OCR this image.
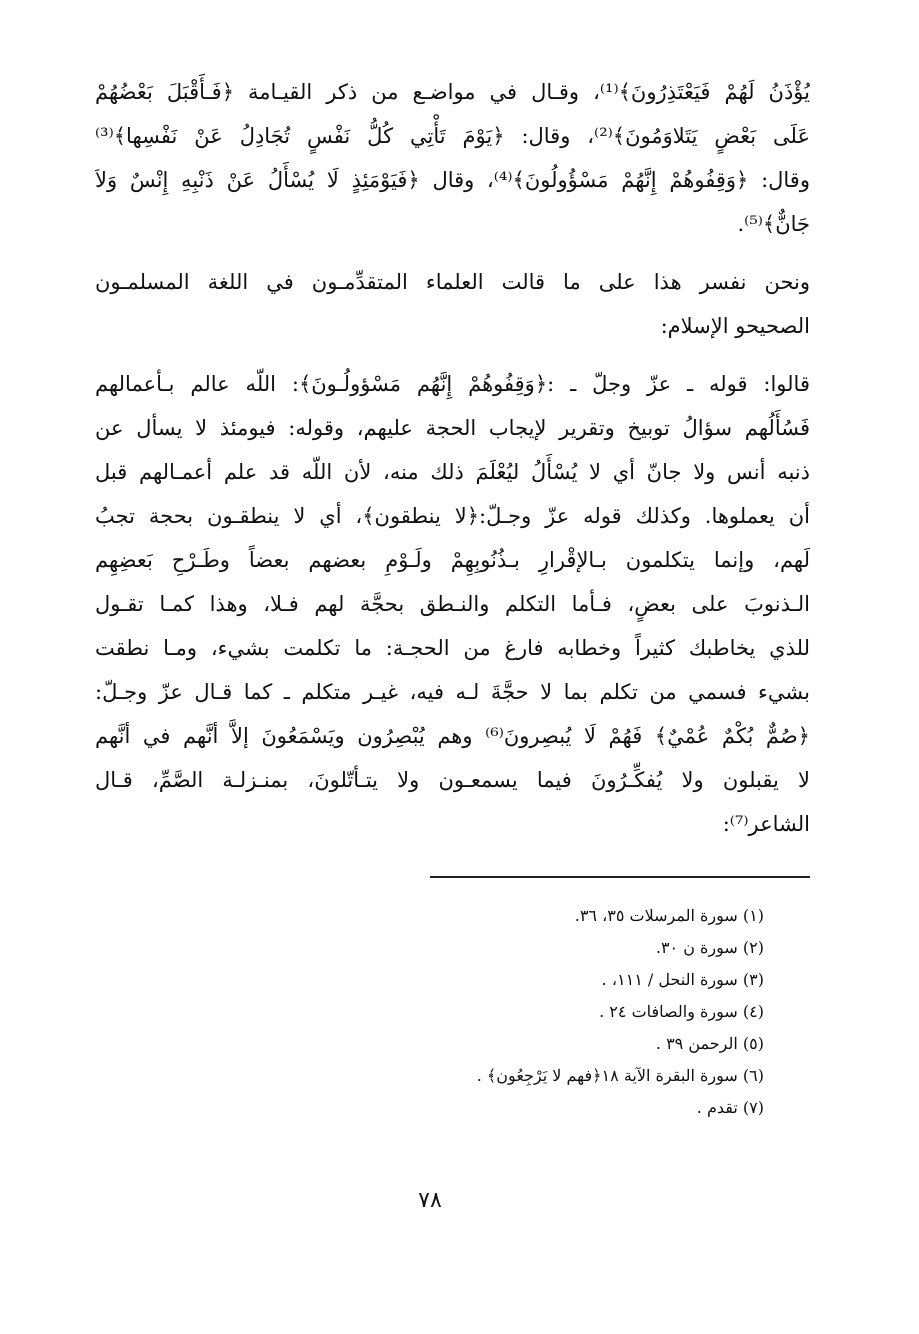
يُؤْذَنُ لَهُمْ فَيَعْتَذِرُونَ﴾⁽¹⁾، وقـال في مواضـع من ذكر القيـامة ﴿فَـأَقْبَلَ بَعْضُهُمْ
عَلَى بَعْضٍ يَتَلاوَمُونَ﴾⁽²⁾، وقال: ﴿يَوْمَ تَأْتِي كُلُّ نَفْسٍ تُجَادِلُ عَنْ نَفْسِها﴾⁽³⁾
وقال: ﴿وَقِفُوهُمْ إِنَّهُمْ مَسْؤُولُونَ﴾⁽⁴⁾، وقال ﴿فَيَوْمَئِذٍ لَا يُسْأَلُ عَنْ ذَنْبِهِ إِنْسٌ وَلاَ
جَانٌّ﴾⁽⁵⁾.
ونحن نفسر هذا على ما قالت العلماء المتقدِّمـون في اللغة المسلمـون
الصحيحو الإسلام:
قالوا: قوله ـ عزّ وجلّ ـ :﴿وَقِفُوهُمْ إِنَّهُم مَسْؤولُـونَ﴾: اللّه عالم بـأعمالهم
فَسُأَلُهم سؤالُ توبيخ وتقرير لإيجاب الحجة عليهم، وقوله: فيومئذ لا يسأل عن
ذنبه أنس ولا جانّ أي لا يُسْأَلُ ليُعْلَمَ ذلك منه، لأن اللّه قد علم أعمـالهم قبل
أن يعملوها. وكذلك قوله عزّ وجـلّ:﴿لا ينطقون﴾، أي لا ينطقـون بحجة تجبُ
لَهم، وإنما يتكلمون بـالإقْرارِ بـذُنُوبِهِمْ ولَـوْمِ بعضهم بعضاً وطَـرْحِ بَعضِهِم
الـذنوبَ على بعضٍ، فـأما التكلم والنـطق بحجَّة لهم فـلا، وهذا كمـا تقـول
للذي يخاطبك كثيراً وخطابه فارغ من الحجـة: ما تكلمت بشيء، ومـا نطقت
بشيء فسمي من تكلم بما لا حجَّةَ لـه فيه، غيـر متكلم ـ كما قـال عزّ وجـلّ:
﴿صُمٌّ بُكْمٌ عُمْيٌ﴾ فَهُمْ لَا يُبصِرونَ⁽⁶⁾ وهم يُبْصِرُون ويَسْمَعُونَ إلاَّ أنَّهم في أنَّهم
لا يقبلون ولا يُفكِّـرُونَ فيما يسمعـون ولا يتـأتّلونَ، بمنـزلـة الصَّمِّ، قـال
الشاعر⁽⁷⁾:
(١) سورة المرسلات ٣٥، ٣٦.
(٢) سورة ن ٣٠.
(٣) سورة النحل / ١١١، .
(٤) سورة والصافات ٢٤ .
(٥) الرحمن ٣٩ .
(٦) سورة البقرة الآية ١٨﴿فهم لا يَرْجِعُون﴾ .
(٧) تقدم .
٧٨
